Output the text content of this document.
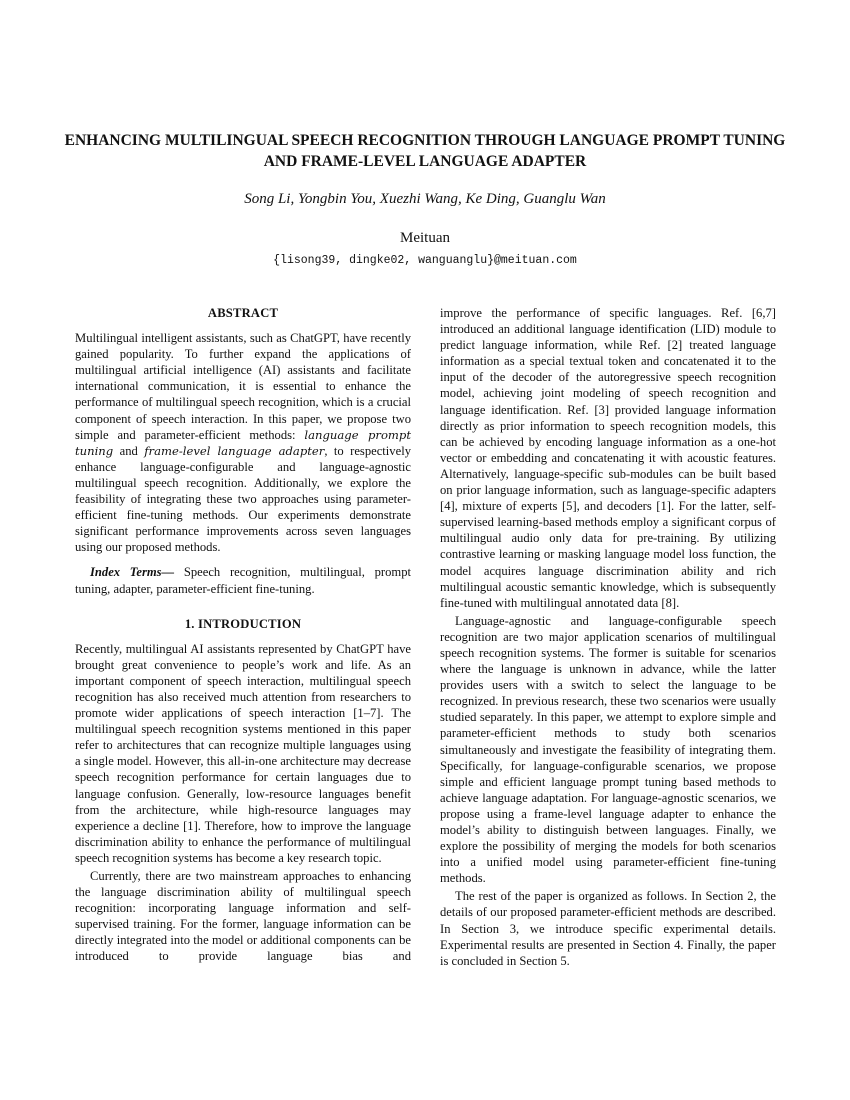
ENHANCING MULTILINGUAL SPEECH RECOGNITION THROUGH LANGUAGE PROMPT TUNING AND FRAME-LEVEL LANGUAGE ADAPTER

Song Li, Yongbin You, Xuezhi Wang, Ke Ding, Guanglu Wan

Meituan

{lisong39, dingke02, wanguanglu}@meituan.com

ABSTRACT

Multilingual intelligent assistants, such as ChatGPT, have recently gained popularity. To further expand the applications of multilingual artificial intelligence (AI) assistants and facilitate international communication, it is essential to enhance the performance of multilingual speech recognition, which is a crucial component of speech interaction. In this paper, we propose two simple and parameter-efficient methods: language prompt tuning and frame-level language adapter, to respectively enhance language-configurable and language-agnostic multilingual speech recognition. Additionally, we explore the feasibility of integrating these two approaches using parameter-efficient fine-tuning methods. Our experiments demonstrate significant performance improvements across seven languages using our proposed methods.

Index Terms— Speech recognition, multilingual, prompt tuning, adapter, parameter-efficient fine-tuning.

1. INTRODUCTION

Recently, multilingual AI assistants represented by ChatGPT have brought great convenience to people’s work and life. As an important component of speech interaction, multilingual speech recognition has also received much attention from researchers to promote wider applications of speech interaction [1–7]. The multilingual speech recognition systems mentioned in this paper refer to architectures that can recognize multiple languages using a single model. However, this all-in-one architecture may decrease speech recognition performance for certain languages due to language confusion. Generally, low-resource languages benefit from the architecture, while high-resource languages may experience a decline [1]. Therefore, how to improve the language discrimination ability to enhance the performance of multilingual speech recognition systems has become a key research topic.

Currently, there are two mainstream approaches to enhancing the language discrimination ability of multilingual speech recognition: incorporating language information and self-supervised training. For the former, language information can be directly integrated into the model or additional components can be introduced to provide language bias and

improve the performance of specific languages. Ref. [6,7] introduced an additional language identification (LID) module to predict language information, while Ref. [2] treated language information as a special textual token and concatenated it to the input of the decoder of the autoregressive speech recognition model, achieving joint modeling of speech recognition and language identification. Ref. [3] provided language information directly as prior information to speech recognition models, this can be achieved by encoding language information as a one-hot vector or embedding and concatenating it with acoustic features. Alternatively, language-specific sub-modules can be built based on prior language information, such as language-specific adapters [4], mixture of experts [5], and decoders [1]. For the latter, self-supervised learning-based methods employ a significant corpus of multilingual audio only data for pre-training. By utilizing contrastive learning or masking language model loss function, the model acquires language discrimination ability and rich multilingual acoustic semantic knowledge, which is subsequently fine-tuned with multilingual annotated data [8].

Language-agnostic and language-configurable speech recognition are two major application scenarios of multilingual speech recognition systems. The former is suitable for scenarios where the language is unknown in advance, while the latter provides users with a switch to select the language to be recognized. In previous research, these two scenarios were usually studied separately. In this paper, we attempt to explore simple and parameter-efficient methods to study both scenarios simultaneously and investigate the feasibility of integrating them. Specifically, for language-configurable scenarios, we propose simple and efficient language prompt tuning based methods to achieve language adaptation. For language-agnostic scenarios, we propose using a frame-level language adapter to enhance the model’s ability to distinguish between languages. Finally, we explore the possibility of merging the models for both scenarios into a unified model using parameter-efficient fine-tuning methods.

The rest of the paper is organized as follows. In Section 2, the details of our proposed parameter-efficient methods are described. In Section 3, we introduce specific experimental details. Experimental results are presented in Section 4. Finally, the paper is concluded in Section 5.
